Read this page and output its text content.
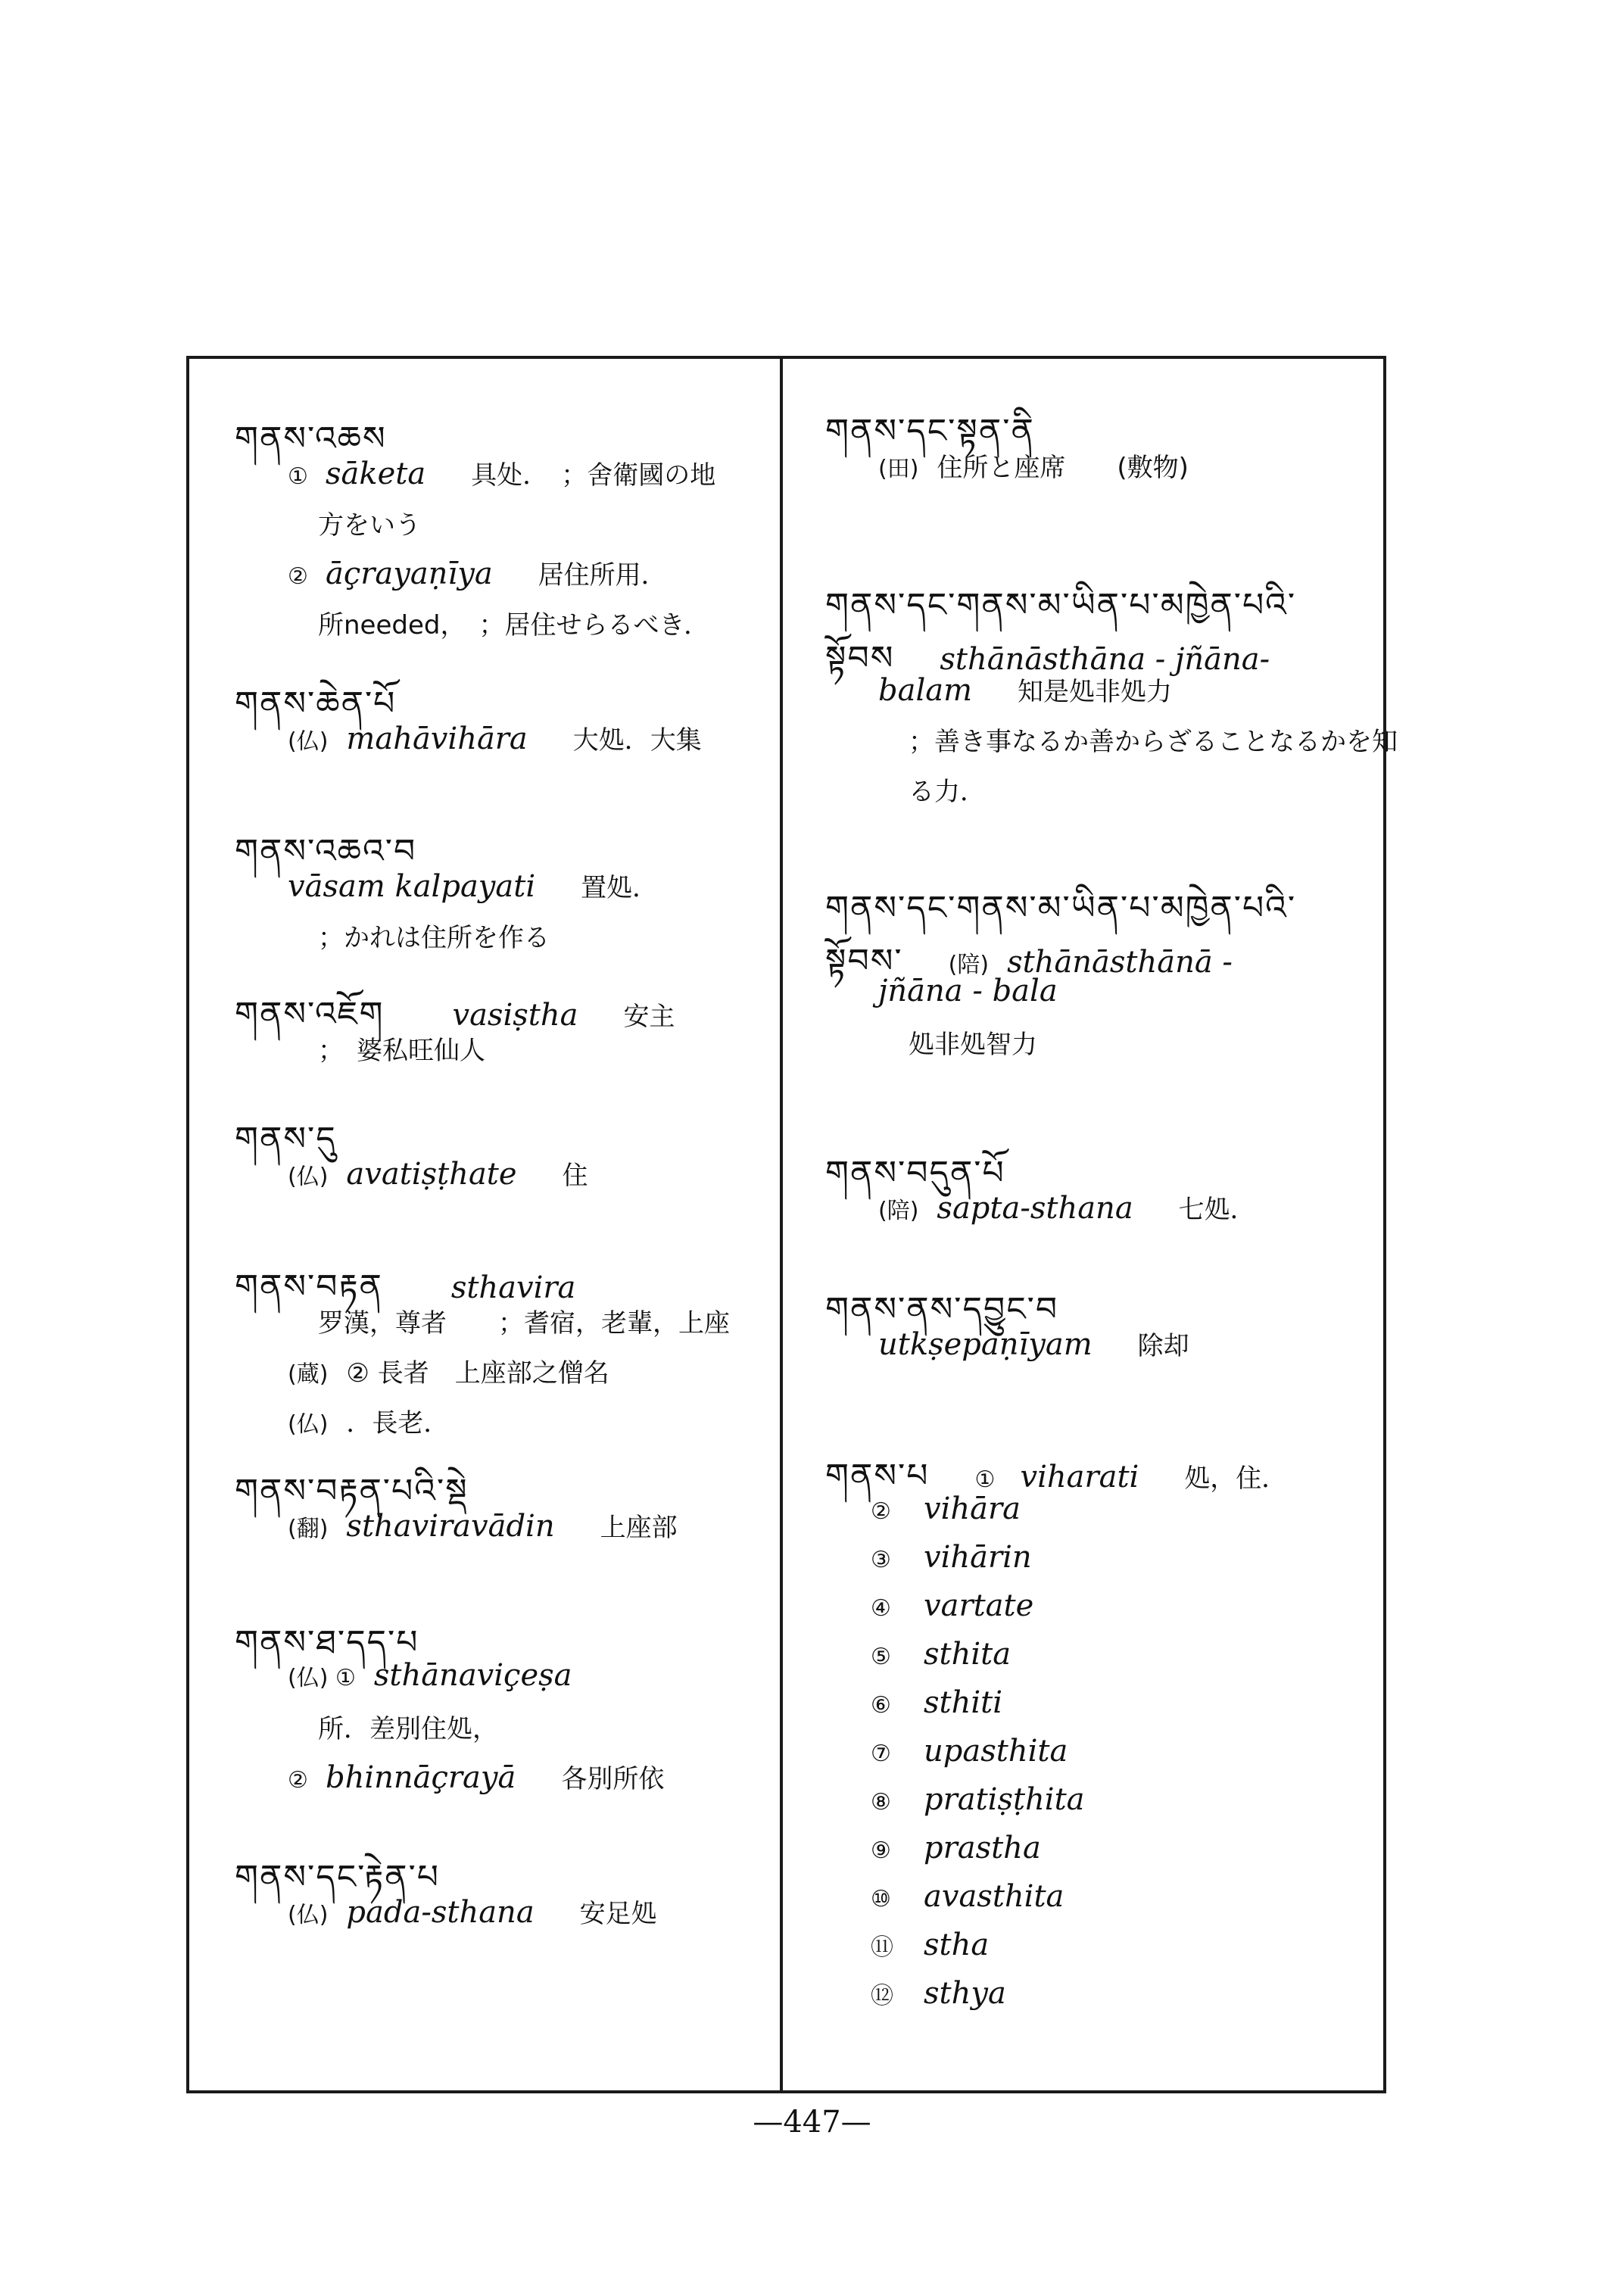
གནས་འཆས
① sāketa 具处．　；舍衛國の地
方をいう
② āçrayaṇīya 居住所用．
所needed，　；居住せらるべき．
གནས་ཆེན་པོ
(仏) mahāvihāra 大処．大集
གནས་འཆའ་བ
vāsam kalpayati 置処．
；かれは住所を作る
གནས་འཇོག vasiṣtha 安主
；　婆私旺仙人
གནས་དུ
(仏) avatiṣṭhate 住
གནས་བརྟན sthavira
罗漢，尊者　　；耆宿，老輩，上座
(蔵) ② 長者　上座部之僧名
(仏) ．長老．
གནས་བརྟན་པའི་སྡེ
(翻) sthaviravādin 上座部
གནས་ཐ་དད་པ
(仏) ① sthānaviçeṣa
所．差別住処，
② bhinnāçrayā 各別所依
གནས་དང་རྟེན་པ
(仏) pada-sthana 安足処
གནས་དང་སྟན་ནི
(田) 住所と座席　　(敷物)
གནས་དང་གནས་མ་ཡིན་པ་མཁྱེན་པའི་
སྟོབས sthānāsthāna - jñāna-
balam 知是処非処力
；善き事なるか善からざることなるかを知
る力．
གནས་དང་གནས་མ་ཡིན་པ་མཁྱེན་པའི་
སྟོབས་ (陪) sthānāsthānā -
jñāna - bala
処非処智力
གནས་བདུན་པོ
(陪) sapta-sthana 七処．
གནས་ནས་དབྱུང་བ
utkṣepaṇīyam 除却
གནས་པ ① viharati 処，住．
② vihāra
③ vihārin
④ vartate
⑤ sthita
⑥ sthiti
⑦ upasthita
⑧ pratiṣṭhita
⑨ prastha
⑩ avasthita
⑪ stha
⑫ sthya
—447—
